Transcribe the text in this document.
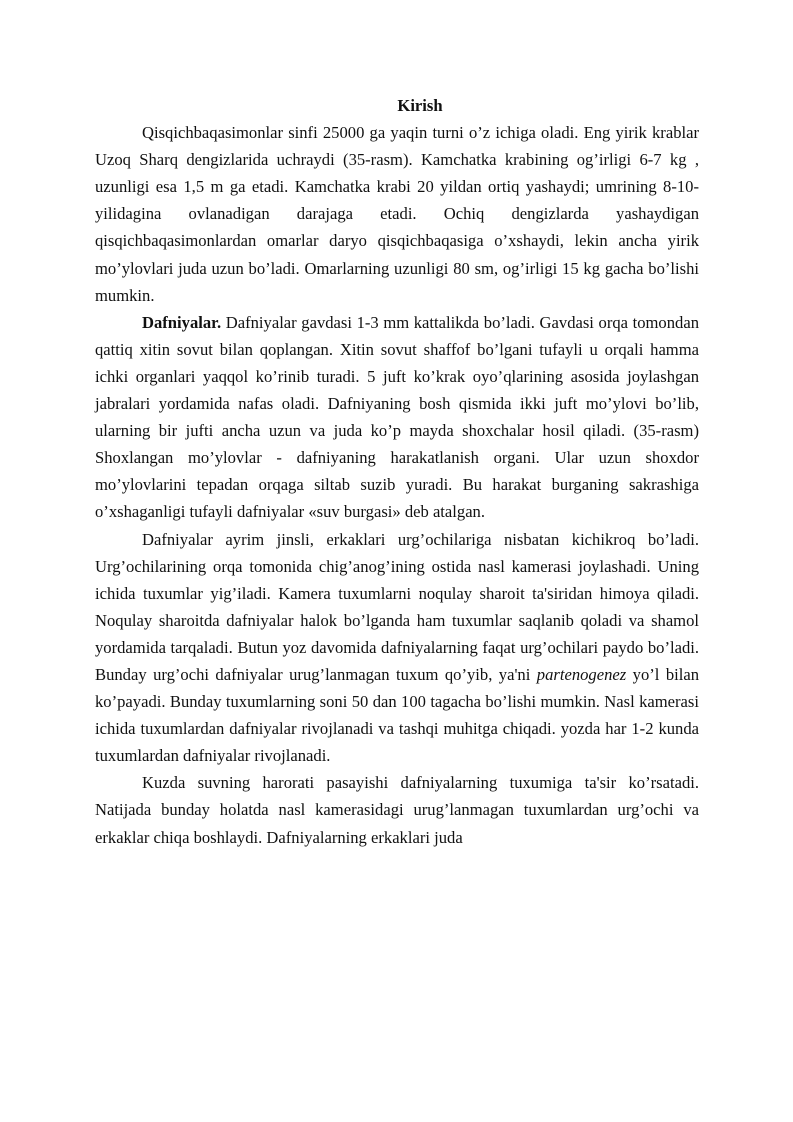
Kirish

Qisqichbaqasimonlar sinfi 25000 ga yaqin turni o’z ichiga oladi. Eng yirik krablar Uzoq Sharq dengizlarida uchraydi (35-rasm). Kamchatka krabining og’irligi 6-7 kg , uzunligi esa 1,5 m ga etadi. Kamchatka krabi 20 yildan ortiq yashaydi; umrining 8-10-yilidagina ovlanadigan darajaga etadi. Ochiq dengizlarda yashaydigan qisqichbaqasimonlardan omarlar daryo qisqichbaqasiga o’xshaydi, lekin ancha yirik mo’ylovlari juda uzun bo’ladi. Omarlarning uzunligi 80 sm, og’irligi 15 kg gacha bo’lishi mumkin.

Dafniyalar. Dafniyalar gavdasi 1-3 mm kattalikda bo’ladi. Gavdasi orqa tomondan qattiq xitin sovut bilan qoplangan. Xitin sovut shaffof bo’lgani tufayli u orqali hamma ichki organlari yaqqol ko’rinib turadi. 5 juft ko’krak oyo’qlarining asosida joylashgan jabralari yordamida nafas oladi. Dafniyaning bosh qismida ikki juft mo’ylovi bo’lib, ularning bir jufti ancha uzun va juda ko’p mayda shoxchalar hosil qiladi. (35-rasm) Shoxlangan mo’ylovlar - dafniyaning harakatlanish organi. Ular uzun shoxdor mo’ylovlarini tepadan orqaga siltab suzib yuradi. Bu harakat burganing sakrashiga o’xshaganligi tufayli dafniyalar «suv burgasi» deb atalgan.

Dafniyalar ayrim jinsli, erkaklari urg’ochilariga nisbatan kichikroq bo’ladi. Urg’ochilarining orqa tomonida chig’anog’ining ostida nasl kamerasi joylashadi. Uning ichida tuxumlar yig’iladi. Kamera tuxumlarni noqulay sharoit ta'siridan himoya qiladi. Noqulay sharoitda dafniyalar halok bo’lganda ham tuxumlar saqlanib qoladi va shamol yordamida tarqaladi. Butun yoz davomida dafniyalarning faqat urg’ochilari paydo bo’ladi. Bunday urg’ochi dafniyalar urug’lanmagan tuxum qo’yib, ya'ni partenogenez yo’l bilan ko’payadi. Bunday tuxumlarning soni 50 dan 100 tagacha bo’lishi mumkin. Nasl kamerasi ichida tuxumlardan dafniyalar rivojlanadi va tashqi muhitga chiqadi. yozda har 1-2 kunda tuxumlardan dafniyalar rivojlanadi.

Kuzda suvning harorati pasayishi dafniyalarning tuxumiga ta'sir ko’rsatadi. Natijada bunday holatda nasl kamerasidagi urug’lanmagan tuxumlardan urg’ochi va erkaklar chiqa boshlaydi. Dafniyalarning erkaklari juda
